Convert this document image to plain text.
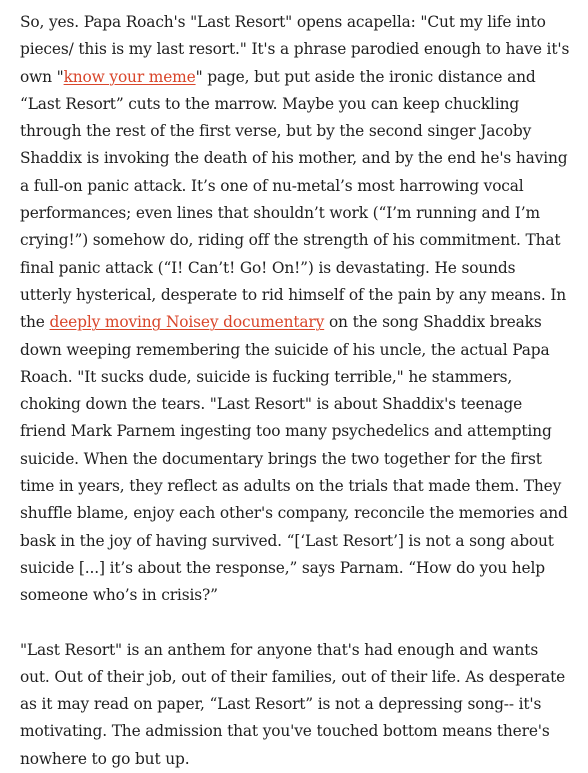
So, yes. Papa Roach's "Last Resort" opens acapella: "Cut my life into pieces/ this is my last resort." It's a phrase parodied enough to have it's own "know your meme" page, but put aside the ironic distance and “Last Resort” cuts to the marrow. Maybe you can keep chuckling through the rest of the first verse, but by the second singer Jacoby Shaddix is invoking the death of his mother, and by the end he's having a full-on panic attack. It’s one of nu-metal’s most harrowing vocal performances; even lines that shouldn’t work (“I’m running and I’m crying!”) somehow do, riding off the strength of his commitment. That final panic attack (“I! Can’t! Go! On!”) is devastating. He sounds utterly hysterical, desperate to rid himself of the pain by any means. In the deeply moving Noisey documentary on the song Shaddix breaks down weeping remembering the suicide of his uncle, the actual Papa Roach. "It sucks dude, suicide is fucking terrible," he stammers, choking down the tears. "Last Resort" is about Shaddix's teenage friend Mark Parnem ingesting too many psychedelics and attempting suicide. When the documentary brings the two together for the first time in years, they reflect as adults on the trials that made them. They shuffle blame, enjoy each other's company, reconcile the memories and bask in the joy of having survived. “[‘Last Resort’] is not a song about suicide [...] it’s about the response,” says Parnam. “How do you help someone who’s in crisis?”

"Last Resort" is an anthem for anyone that's had enough and wants out. Out of their job, out of their families, out of their life. As desperate as it may read on paper, “Last Resort” is not a depressing song-- it's motivating. The admission that you've touched bottom means there's nowhere to go but up.
